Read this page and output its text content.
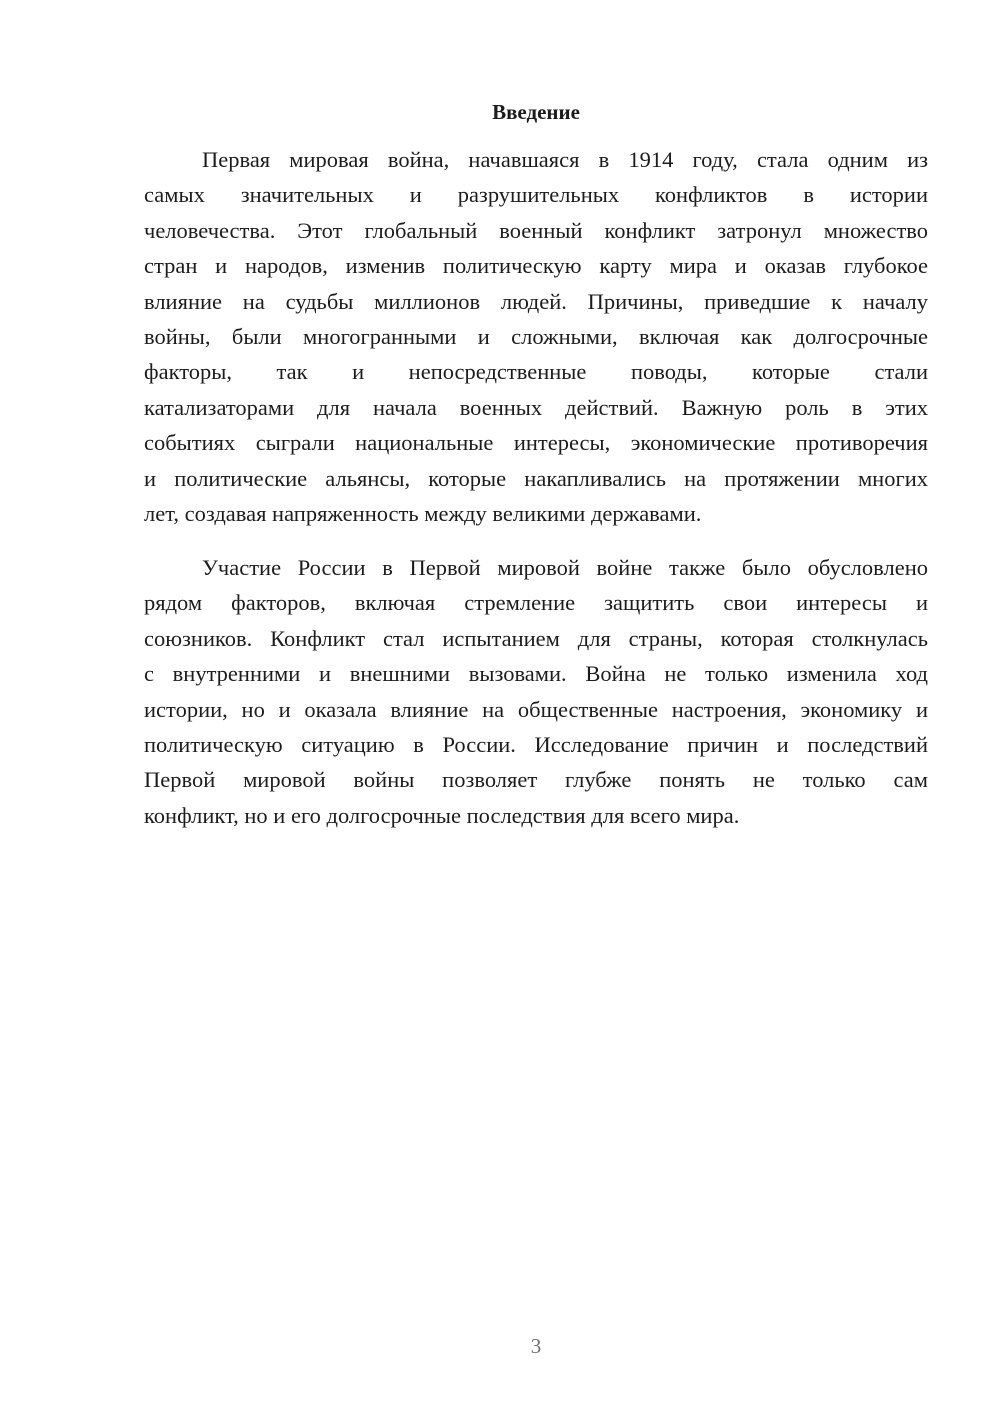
Введение
Первая мировая война, начавшаяся в 1914 году, стала одним из
самых значительных и разрушительных конфликтов в истории
человечества. Этот глобальный военный конфликт затронул множество
стран и народов, изменив политическую карту мира и оказав глубокое
влияние на судьбы миллионов людей. Причины, приведшие к началу
войны, были многогранными и сложными, включая как долгосрочные
факторы, так и непосредственные поводы, которые стали
катализаторами для начала военных действий. Важную роль в этих
событиях сыграли национальные интересы, экономические противоречия
и политические альянсы, которые накапливались на протяжении многих
лет, создавая напряженность между великими державами.
Участие России в Первой мировой войне также было обусловлено
рядом факторов, включая стремление защитить свои интересы и
союзников. Конфликт стал испытанием для страны, которая столкнулась
с внутренними и внешними вызовами. Война не только изменила ход
истории, но и оказала влияние на общественные настроения, экономику и
политическую ситуацию в России. Исследование причин и последствий
Первой мировой войны позволяет глубже понять не только сам
конфликт, но и его долгосрочные последствия для всего мира.
3
